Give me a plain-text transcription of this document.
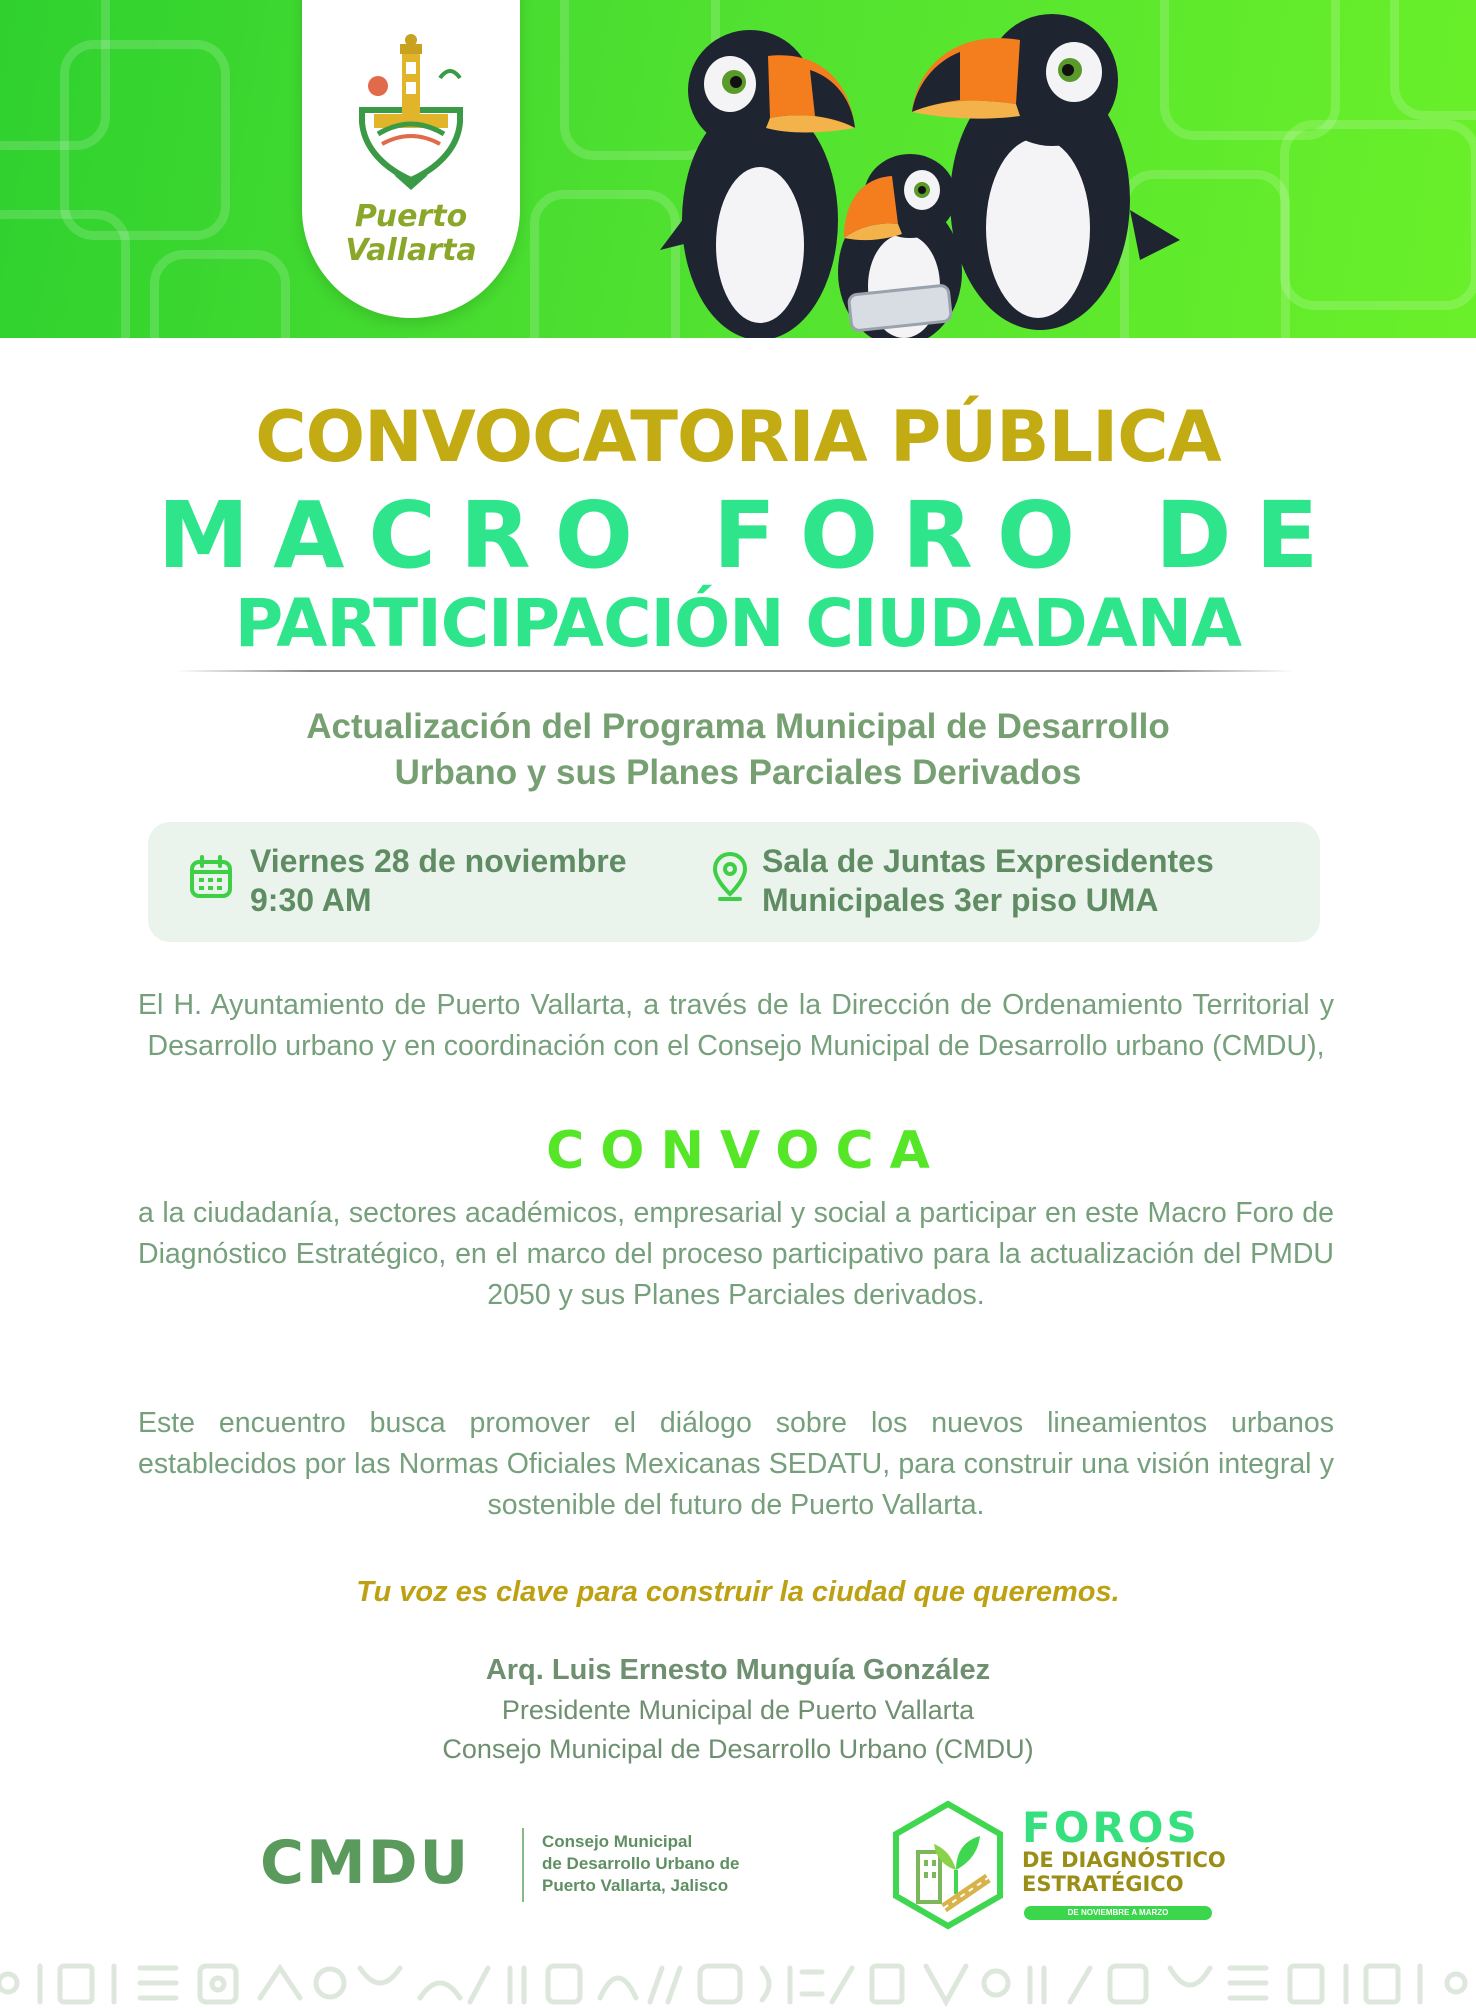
Puerto
Vallarta
CONVOCATORIA PÚBLICA
MACRO FORO DE
PARTICIPACIÓN CIUDADANA
Actualización del Programa Municipal de Desarrollo
Urbano y sus Planes Parciales Derivados
Viernes 28 de noviembre
9:30 AM
Sala de Juntas Expresidentes
Municipales 3er piso UMA
El H. Ayuntamiento de Puerto Vallarta, a través de la Dirección de Ordenamiento Territorial y Desarrollo urbano y en coordinación con el Consejo Municipal de Desarrollo urbano (CMDU),
CONVOCA
a la ciudadanía, sectores académicos, empresarial y social a participar en este Macro Foro de Diagnóstico Estratégico, en el marco del proceso participativo para la actualización del PMDU 2050 y sus Planes Parciales derivados.
Este encuentro busca promover el diálogo sobre los nuevos lineamientos urbanos establecidos por las Normas Oficiales Mexicanas SEDATU, para construir una visión integral y sostenible del futuro de Puerto Vallarta.
Tu voz es clave para construir la ciudad que queremos.
Arq. Luis Ernesto Munguía González
Presidente Municipal de Puerto Vallarta
Consejo Municipal de Desarrollo Urbano (CMDU)
CMDU	Consejo Municipal
de Desarrollo Urbano de
Puerto Vallarta, Jalisco
FOROS
DE DIAGNÓSTICO
ESTRATÉGICO
DE NOVIEMBRE A MARZO
